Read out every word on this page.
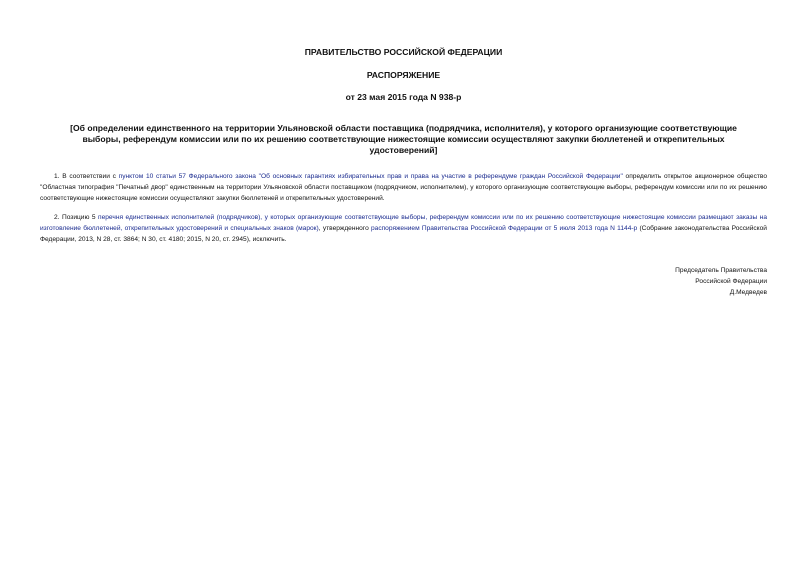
ПРАВИТЕЛЬСТВО РОССИЙСКОЙ ФЕДЕРАЦИИ
РАСПОРЯЖЕНИЕ
от 23 мая 2015 года N 938-р
[Об определении единственного на территории Ульяновской области поставщика (подрядчика, исполнителя), у которого организующие соответствующие выборы, референдум комиссии или по их решению соответствующие нижестоящие комиссии осуществляют закупки бюллетеней и открепительных удостоверений]
1. В соответствии с пунктом 10 статьи 57 Федерального закона "Об основных гарантиях избирательных прав и права на участие в референдуме граждан Российской Федерации" определить открытое акционерное общество "Областная типография "Печатный двор" единственным на территории Ульяновской области поставщиком (подрядчиком, исполнителем), у которого организующие соответствующие выборы, референдум комиссии или по их решению соответствующие нижестоящие комиссии осуществляют закупки бюллетеней и открепительных удостоверений.
2. Позицию 5 перечня единственных исполнителей (подрядчиков), у которых организующие соответствующие выборы, референдум комиссии или по их решению соответствующие нижестоящие комиссии размещают заказы на изготовление бюллетеней, открепительных удостоверений и специальных знаков (марок), утвержденного распоряжением Правительства Российской Федерации от 5 июля 2013 года N 1144-р (Собрание законодательства Российской Федерации, 2013, N 28, ст. 3864; N 30, ст. 4180; 2015, N 20, ст. 2945), исключить.
Председатель Правительства
Российской Федерации
Д.Медведев
